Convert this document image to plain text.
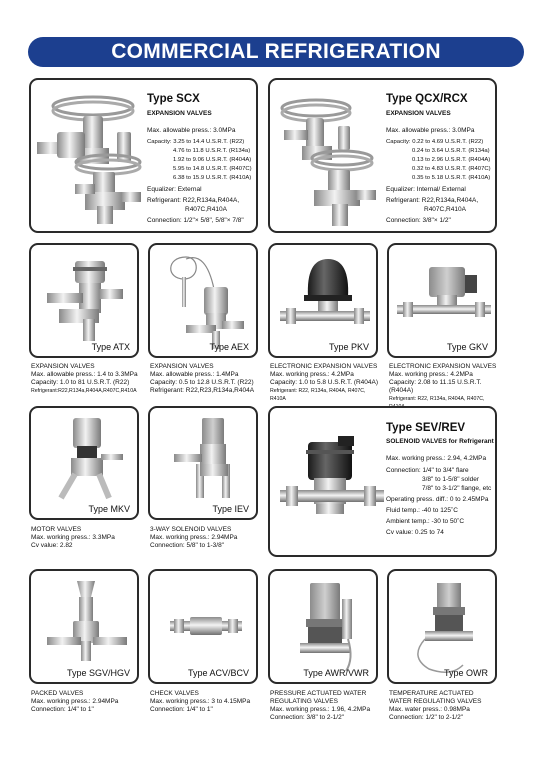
COMMERCIAL REFRIGERATION
Type SCX
EXPANSION VALVES
Max. allowable press.: 3.0MPa
Capacity: 3.25 to 14.4 U.S.R.T. (R22)
4.76 to 11.8 U.S.R.T. (R134a)
1.92 to 9.06 U.S.R.T. (R404A)
5.95 to 14.8 U.S.R.T. (R407C)
6.38 to 15.9 U.S.R.T. (R410A)
Equalizer: External
Refrigerant: R22,R134a,R404A,
R407C,R410A
Connection: 1/2"× 5/8", 5/8"× 7/8"
Type QCX/RCX
EXPANSION VALVES
Max. allowable press.: 3.0MPa
Capacity: 0.22 to 4.69 U.S.R.T. (R22)
0.24 to 3.64 U.S.R.T. (R134a)
0.13 to 2.96 U.S.R.T. (R404A)
0.32 to 4.83 U.S.R.T. (R407C)
0.35 to 5.18 U.S.R.T. (R410A)
Equalizer: Internal/ External
Refrigerant: R22,R134a,R404A,
R407C,R410A
Connection: 3/8"× 1/2"
Type ATX	Type AEX	Type PKV	Type GKV
EXPANSION VALVES
Max. allowable press.: 1.4 to 3.3MPa
Capacity: 1.0 to 81 U.S.R.T. (R22)
Refrigerant:R22,R134a,R404A,R407C,R410A
EXPANSION VALVES
Max. allowable press.: 1.4MPa
Capacity: 0.5 to 12.8 U.S.R.T. (R22)
Refrigerant: R22,R23,R134a,R404A
ELECTRONIC EXPANSION VALVES
Max. working press.: 4.2MPa
Capacity: 1.0 to 5.8 U.S.R.T. (R404A)
Refrigerant: R22, R134a, R404A, R407C, R410A
ELECTRONIC EXPANSION VALVES
Max. working press.: 4.2MPa
Capacity: 2.08 to 11.15 U.S.R.T. (R404A)
Refrigerant: R22, R134a, R404A, R407C,
Type MKV	Type IEV
Type SEV/REV
SOLENOID VALVES for Refrigerant
Max. working press.: 2.94, 4.2MPa
Connection: 1/4" to 3/4" flare
3/8" to 1-5/8" solder
7/8" to 3-1/2" flange, etc
Operating press. diff.: 0 to 2.45MPa
Fluid temp.: -40 to 125˚C
Ambient temp.: -30 to 50˚C
Cv value: 0.25 to 74
MOTOR VALVES
Max. working press.: 3.3MPa
Cv value: 2.82
3-WAY SOLENOID VALVES
Max. working press.: 2.94MPa
Connection: 5/8" to 1-3/8"
Type SGV/HGV	Type ACV/BCV	Type AWR/VWR	Type OWR
PACKED VALVES
Max. working press.: 2.94MPa
Connection: 1/4" to 1"
CHECK VALVES
Max. working press.: 3 to 4.15MPa
Connection: 1/4" to 1"
PRESSURE ACTUATED WATER
REGULATING VALVES
Max. working press.: 1.96, 4.2MPa
Connection: 3/8" to 2-1/2"
TEMPERATURE ACTUATED
WATER REGULATING VALVES
Max. water press.: 0.98MPa
Connection: 1/2" to 2-1/2"
